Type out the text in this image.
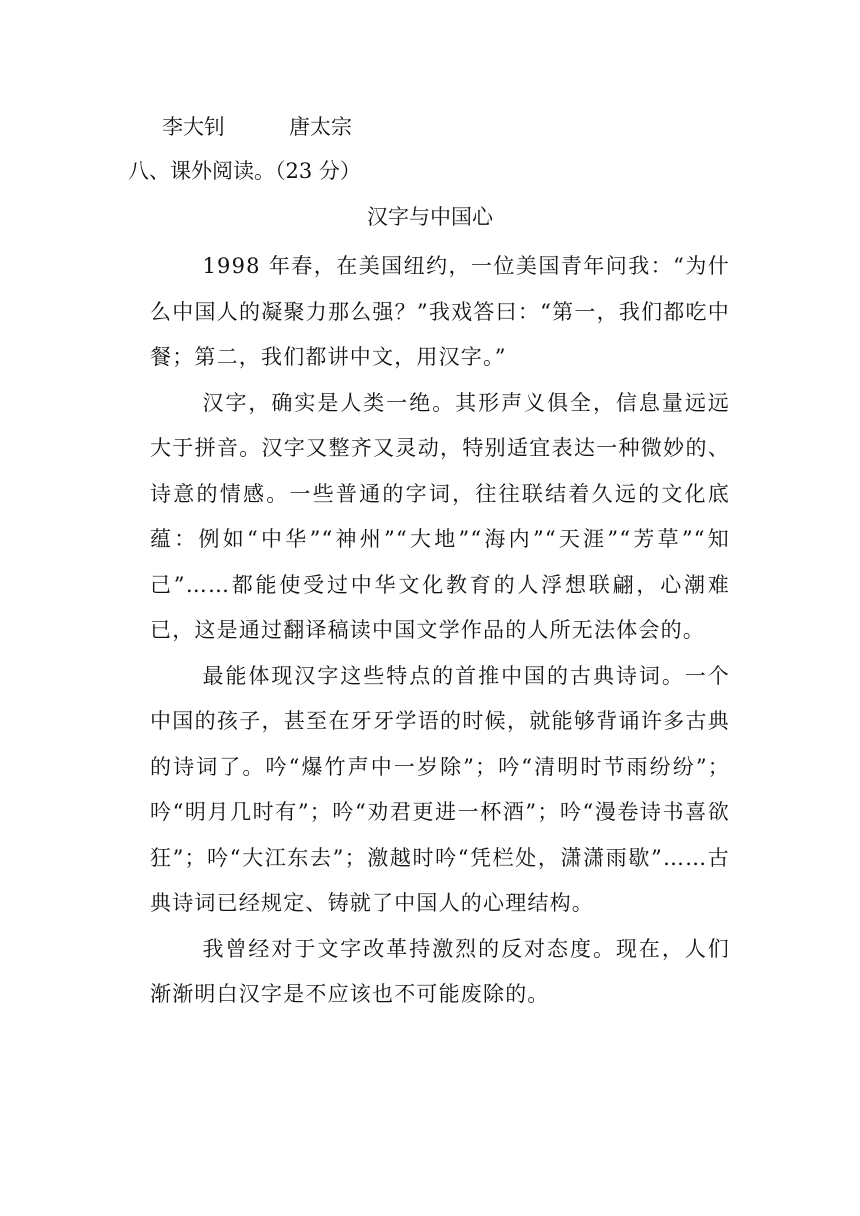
李大钊	唐太宗
八、课外阅读。（23 分）
汉字与中国心

1998 年春，在美国纽约，一位美国青年问我：“为什么中国人的凝聚力那么强？”我戏答曰：“第一，我们都吃中餐；第二，我们都讲中文，用汉字。”

汉字，确实是人类一绝。其形声义俱全，信息量远远大于拼音。汉字又整齐又灵动，特别适宜表达一种微妙的、诗意的情感。一些普通的字词，往往联结着久远的文化底蕴：例如“中华”“神州”“大地”“海内”“天涯”“芳草”“知己”……都能使受过中华文化教育的人浮想联翩，心潮难已，这是通过翻译稿读中国文学作品的人所无法体会的。

最能体现汉字这些特点的首推中国的古典诗词。一个中国的孩子，甚至在牙牙学语的时候，就能够背诵许多古典的诗词了。吟“爆竹声中一岁除”；吟“清明时节雨纷纷”；吟“明月几时有”；吟“劝君更进一杯酒”；吟“漫卷诗书喜欲狂”；吟“大江东去”；激越时吟“凭栏处，潇潇雨歇”……古典诗词已经规定、铸就了中国人的心理结构。

我曾经对于文字改革持激烈的反对态度。现在，人们渐渐明白汉字是不应该也不可能废除的。
